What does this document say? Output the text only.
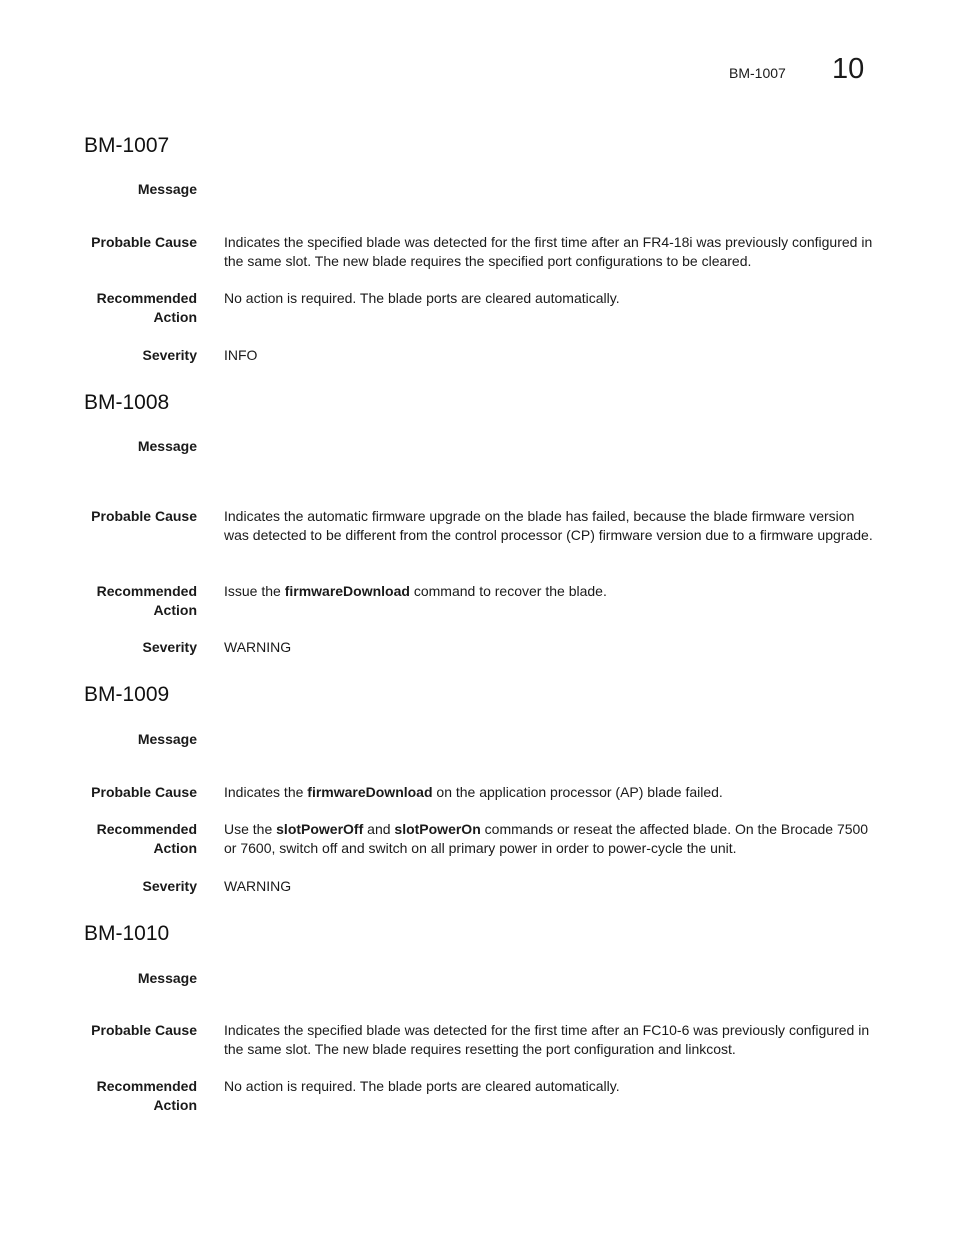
BM-1007 10
BM-1007
Message
Probable Cause Indicates the specified blade was detected for the first time after an FR4-18i was previously configured in the same slot. The new blade requires the specified port configurations to be cleared.
Recommended
Action
No action is required. The blade ports are cleared automatically.
Severity INFO
BM-1008
Message
Probable Cause Indicates the automatic firmware upgrade on the blade has failed, because the blade firmware version was detected to be different from the control processor (CP) firmware version due to a firmware upgrade.
Recommended
Action
Issue the firmwareDownload command to recover the blade.
Severity WARNING
BM-1009
Message
Probable Cause Indicates the firmwareDownload on the application processor (AP) blade failed.
Recommended
Action
Use the slotPowerOff and slotPowerOn commands or reseat the affected blade. On the Brocade 7500 or 7600, switch off and switch on all primary power in order to power-cycle the unit.
Severity WARNING
BM-1010
Message
Probable Cause Indicates the specified blade was detected for the first time after an FC10-6 was previously configured in the same slot. The new blade requires resetting the port configuration and linkcost.
Recommended
Action
No action is required. The blade ports are cleared automatically.
